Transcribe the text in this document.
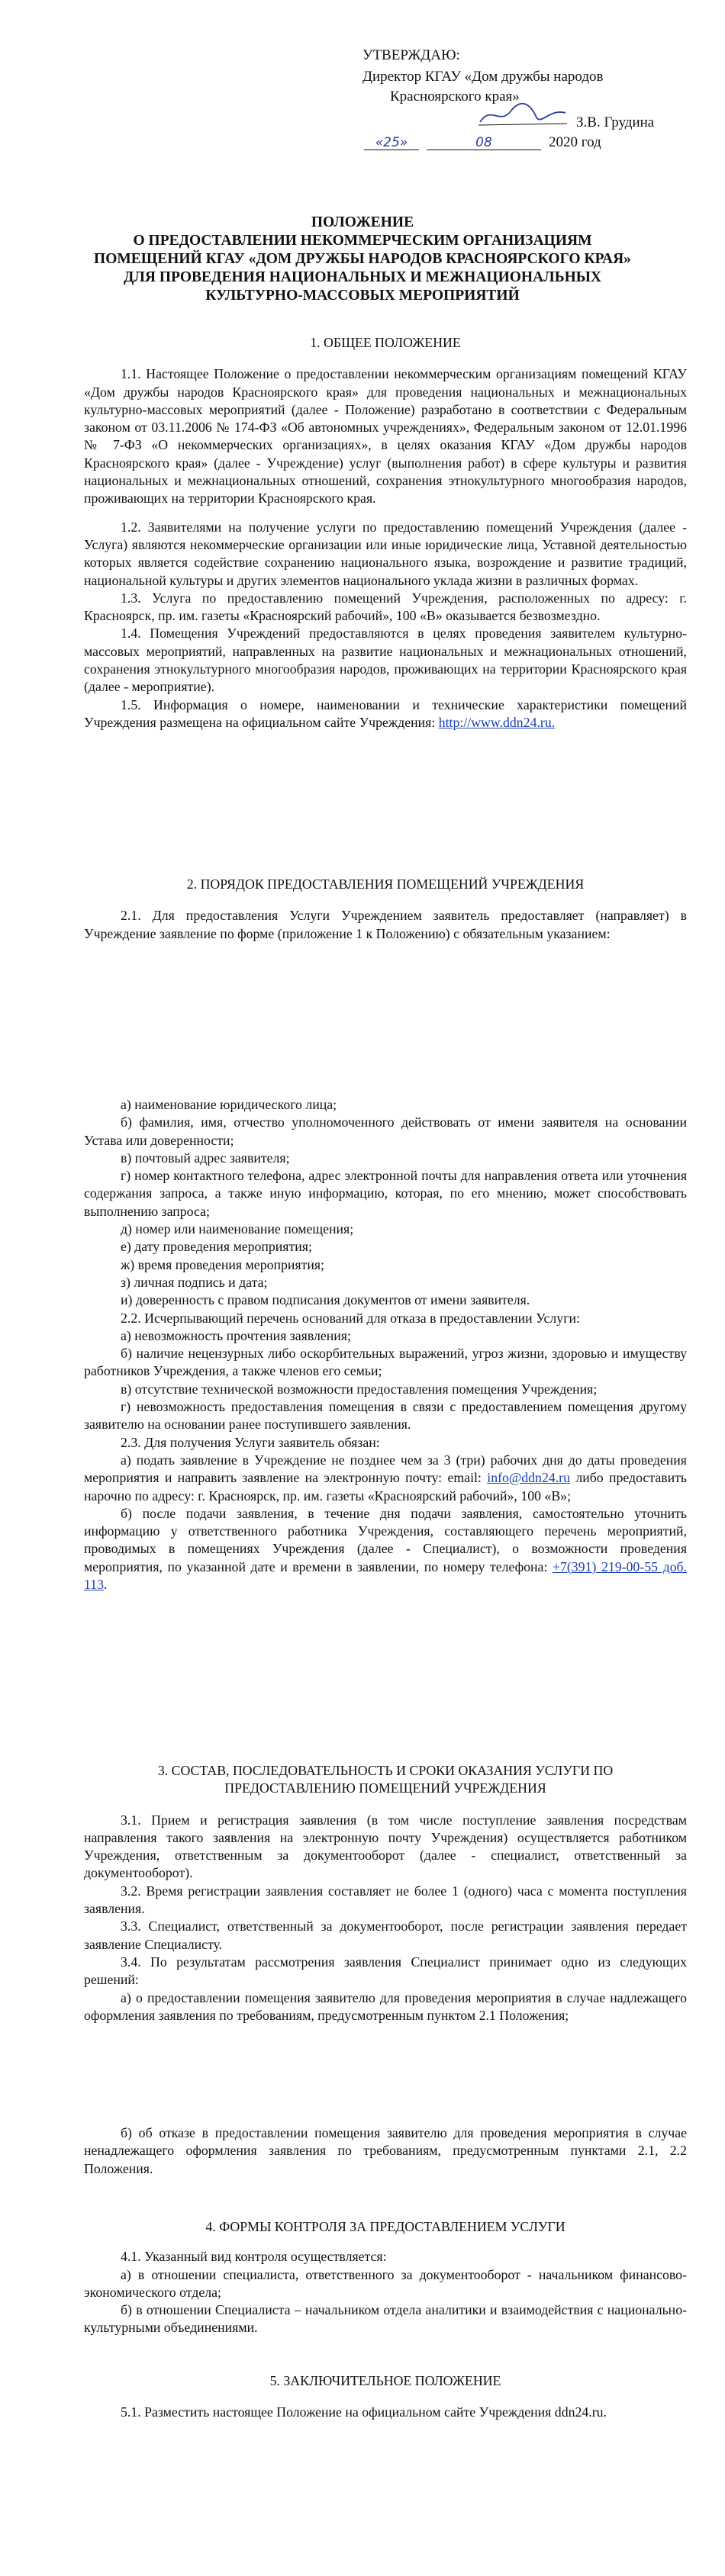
УТВЕРЖДАЮ:
Директор КГАУ «Дом дружбы народов
Красноярского края»
З.В. Грудина
«25»	08	2020 год
ПОЛОЖЕНИЕ
О ПРЕДОСТАВЛЕНИИ НЕКОММЕРЧЕСКИМ ОРГАНИЗАЦИЯМ
ПОМЕЩЕНИЙ КГАУ «ДОМ ДРУЖБЫ НАРОДОВ КРАСНОЯРСКОГО КРАЯ»
ДЛЯ ПРОВЕДЕНИЯ НАЦИОНАЛЬНЫХ И МЕЖНАЦИОНАЛЬНЫХ
КУЛЬТУРНО-МАССОВЫХ МЕРОПРИЯТИЙ

1. ОБЩЕЕ ПОЛОЖЕНИЕ

1.1. Настоящее Положение о предоставлении некоммерческим организациям помещений КГАУ «Дом дружбы народов Красноярского края» для проведения национальных и межнациональных культурно-массовых мероприятий (далее - Положение) разработано в соответствии с Федеральным законом от 03.11.2006 № 174-ФЗ «Об автономных учреждениях», Федеральным законом от 12.01.1996 № 7-ФЗ «О некоммерческих организациях», в целях оказания КГАУ «Дом дружбы народов Красноярского края» (далее - Учреждение) услуг (выполнения работ) в сфере культуры и развития национальных и межнациональных отношений, сохранения этнокультурного многообразия народов, проживающих на территории Красноярского края.

1.2. Заявителями на получение услуги по предоставлению помещений Учреждения (далее - Услуга) являются некоммерческие организации или иные юридические лица, Уставной деятельностью которых является содействие сохранению национального языка, возрождение и развитие традиций, национальной культуры и других элементов национального уклада жизни в различных формах.

1.3. Услуга по предоставлению помещений Учреждения, расположенных по адресу: г. Красноярск, пр. им. газеты «Красноярский рабочий», 100 «В» оказывается безвозмездно.

1.4. Помещения Учреждений предоставляются в целях проведения заявителем культурно-массовых мероприятий, направленных на развитие национальных и межнациональных отношений, сохранения этнокультурного многообразия народов, проживающих на территории Красноярского края (далее - мероприятие).

1.5. Информация о номере, наименовании и технические характеристики помещений Учреждения размещена на официальном сайте Учреждения: http://www.ddn24.ru.

2. ПОРЯДОК ПРЕДОСТАВЛЕНИЯ ПОМЕЩЕНИЙ УЧРЕЖДЕНИЯ

2.1. Для предоставления Услуги Учреждением заявитель предоставляет (направляет) в Учреждение заявление по форме (приложение 1 к Положению) с обязательным указанием:

а) наименование юридического лица;

б) фамилия, имя, отчество уполномоченного действовать от имени заявителя на основании Устава или доверенности;

в) почтовый адрес заявителя;

г) номер контактного телефона, адрес электронной почты для направления ответа или уточнения содержания запроса, а также иную информацию, которая, по его мнению, может способствовать выполнению запроса;

д) номер или наименование помещения;

е) дату проведения мероприятия;

ж) время проведения мероприятия;

з) личная подпись и дата;

и) доверенность с правом подписания документов от имени заявителя.

2.2. Исчерпывающий перечень оснований для отказа в предоставлении Услуги:

а) невозможность прочтения заявления;

б) наличие нецензурных либо оскорбительных выражений, угроз жизни, здоровью и имуществу работников Учреждения, а также членов его семьи;

в) отсутствие технической возможности предоставления помещения Учреждения;

г) невозможность предоставления помещения в связи с предоставлением помещения другому заявителю на основании ранее поступившего заявления.

2.3. Для получения Услуги заявитель обязан:

а) подать заявление в Учреждение не позднее чем за 3 (три) рабочих дня до даты проведения мероприятия и направить заявление на электронную почту: email: info@ddn24.ru либо предоставить нарочно по адресу: г. Красноярск, пр. им. газеты «Красноярский рабочий», 100 «В»;

б) после подачи заявления, в течение дня подачи заявления, самостоятельно уточнить информацию у ответственного работника Учреждения, составляющего перечень мероприятий, проводимых в помещениях Учреждения (далее - Специалист), о возможности проведения мероприятия, по указанной дате и времени в заявлении, по номеру телефона: +7(391) 219-00-55 доб. 113.

3. СОСТАВ, ПОСЛЕДОВАТЕЛЬНОСТЬ И СРОКИ ОКАЗАНИЯ УСЛУГИ ПО

ПРЕДОСТАВЛЕНИЮ ПОМЕЩЕНИЙ УЧРЕЖДЕНИЯ

3.1. Прием и регистрация заявления (в том числе поступление заявления посредствам направления такого заявления на электронную почту Учреждения) осуществляется работником Учреждения, ответственным за документооборот (далее - специалист, ответственный за документооборот).

3.2. Время регистрации заявления составляет не более 1 (одного) часа с момента поступления заявления.

3.3. Специалист, ответственный за документооборот, после регистрации заявления передает заявление Специалисту.

3.4. По результатам рассмотрения заявления Специалист принимает одно из следующих решений:

а) о предоставлении помещения заявителю для проведения мероприятия в случае надлежащего оформления заявления по требованиям, предусмотренным пунктом 2.1 Положения;

б) об отказе в предоставлении помещения заявителю для проведения мероприятия в случае ненадлежащего оформления заявления по требованиям, предусмотренным пунктами 2.1, 2.2 Положения.

4. ФОРМЫ КОНТРОЛЯ ЗА ПРЕДОСТАВЛЕНИЕМ УСЛУГИ

4.1. Указанный вид контроля осуществляется:

а) в отношении специалиста, ответственного за документооборот - начальником финансово-экономического отдела;

б) в отношении Специалиста – начальником отдела аналитики и взаимодействия с национально-культурными объединениями.

5. ЗАКЛЮЧИТЕЛЬНОЕ ПОЛОЖЕНИЕ

5.1. Разместить настоящее Положение на официальном сайте Учреждения ddn24.ru.
